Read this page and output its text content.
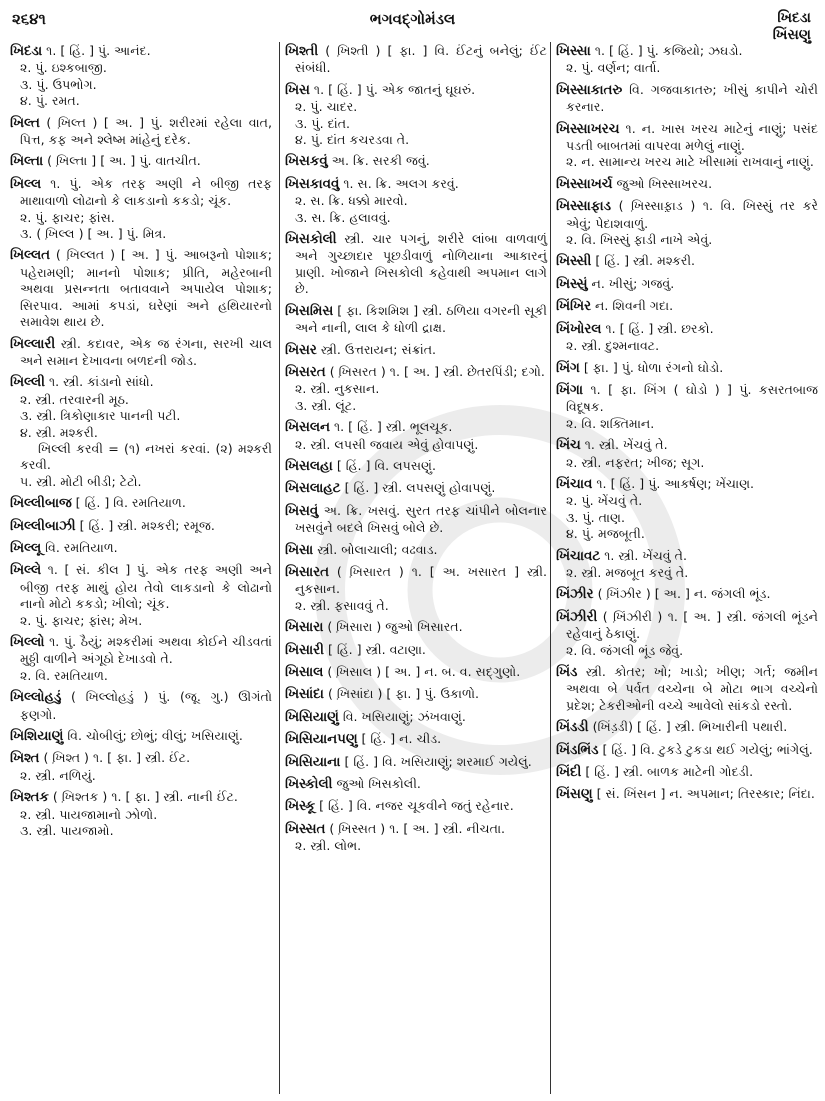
૨૬૪૧	ભગવદ્ગોમંડલ	ખિદડા
ખિંસણુ
ખિદડા ૧. [ હિં. ] પું. આનંદ.
૨. પું. ઇશ્કબાજી.
૩. પું. ઉપભોગ.
૪. પું. રમત.
ખિલ્ત ( ખિ઼લ્ત ) [ અ. ] પું. શરીરમાં રહેલા વાત, પિત્ત, કફ અને શ્લેષ્મ માંહેનું દરેક.
ખિલ્તા ( ખિ઼લ્તા ] [ અ. ] પું. વાતચીત.
ખિલ્લ ૧. પું. એક તરફ અણી ને બીજી તરફ માથાવાળો લોઢાનો કે લાકડાનો કકડો; ચૂંક.
૨. પું. ફાચર; ફાંસ.
૩. ( ખિ઼લ્લ ) [ અ. ] પું. મિત્ર.
ખિલ્લત ( ખિ઼લ્લત ) [ અ. ] પું. આબરૂનો પોશાક; પહેરામણી; માનનો પોશાક; પ્રીતિ, મહેરબાની અથવા પ્રસન્નતા બતાવવાને અપાયેલ પોશાક; સિરપાવ. આમાં કપડાં, ઘરેણાં અને હથિયારનો સમાવેશ થાય છે.
ખિલ્લારી સ્ત્રી. કદાવર, એક જ રંગના, સરખી ચાલ અને સમાન દેખાવના બળદની જોડ.
ખિલ્લી ૧. સ્ત્રી. કાંડાનો સાંધો.
૨. સ્ત્રી. તરવારની મૂઠ.
૩. સ્ત્રી. ત્રિકોણાકાર પાનની પટી.
૪. સ્ત્રી. મશ્કરી.
ખિલ્લી કરવી = (૧) નખરાં કરવાં. (૨) મશ્કરી કરવી.
૫. સ્ત્રી. મોટી બીડી; ટેટો.
ખિલ્લીબાજ [ હિં. ] વિ. રમતિયાળ.
ખિલ્લીબાઝી [ હિં. ] સ્ત્રી. મશ્કરી; રમૂજ.
ખિલ્લૂ વિ. રમતિયાળ.
ખિલ્લે ૧. [ સં. કીલ ] પું. એક તરફ અણી અને બીજી તરફ માથું હોય તેવો લાકડાનો કે લોઢાનો નાનો મોટો કકડો; ખીલો; ચૂંક.
૨. પું. ફાચર; ફાંસ; મેખ.
ખિલ્લો ૧. પું. ઠૈયું; મશ્કરીમાં અથવા કોઈને ચીડવતાં મુઠ્ઠી વાળીને અંગૂઠો દેખાડવો તે.
૨. વિ. રમતિયાળ.
ખિલ્લોહડું ( ખિલ્લોહડું ) પું. (જૂ. ગુ.) ઊગંતો ફણગો.
ખિશિયાણું વિ. ચોબીલું; છોભું; વીલું; ખસિયાણું.
ખિશ્ત ( ખિ઼શ્ત ) ૧. [ ફા. ] સ્ત્રી. ઈંટ.
૨. સ્ત્રી. નળિયું.
ખિશ્તક ( ખિ઼શ્તક ) ૧. [ ફા. ] સ્ત્રી. નાની ઈંટ.
૨. સ્ત્રી. પાયજામાનો ઝોળો.
૩. સ્ત્રી. પાયજામો.
ખિશ્તી ( ખિ઼શ્તી ) [ ફા. ] વિ. ઈંટનું બનેલું; ઈંટ સંબંધી.
ખિસ ૧. [ હિં. ] પું. એક જાતનું ઘૂઘરું.
૨. પું. ચાદર.
૩. પું. દાંત.
૪. પું. દાંત કચરડવા તે.
ખિસકવું અ. ક્રિ. સરકી જવું.
ખિસકાવવું ૧. સ. ક્રિ. અલગ કરવું.
૨. સ. ક્રિ. ધક્કો મારવો.
૩. સ. ક્રિ. હલાવવું.
ખિસકોલી સ્ત્રી. ચાર પગનું, શરીરે લાંબા વાળવાળું અને ગુચ્છાદાર પૂછડીવાળું નોળિયાના આકારનું પ્રાણી. ખોજાને ખિસકોલી કહેવાથી અપમાન લાગે છે.
ખિસમિસ [ ફા. કિશમિશ ] સ્ત્રી. ઠળિયા વગરની સૂકી અને નાની, લાલ કે ધોળી દ્રાક્ષ.
ખિસર સ્ત્રી. ઉત્તરાયન; સંક્રાંત.
ખિસરત ( ખિ઼સરત ) ૧. [ અ. ] સ્ત્રી. છેતરપિંડી; દગો.
૨. સ્ત્રી. નુકસાન.
૩. સ્ત્રી. લૂંટ.
ખિસલન ૧. [ હિં. ] સ્ત્રી. ભૂલચૂક.
૨. સ્ત્રી. લપસી જવાય એવું હોવાપણું.
ખિસલહા [ હિં. ] વિ. લપસણું.
ખિસલાહટ [ હિં. ] સ્ત્રી. લપસણું હોવાપણું.
ખિસવું અ. ક્રિ. ખસવું. સુરત તરફ ચાંપીને બોલનાર ખસવુંને બદલે ખિસવું બોલે છે.
ખિસા સ્ત્રી. બોલાચાલી; વઢવાડ.
ખિસારત ( ખિ઼સારત ) ૧. [ અ. ખસારત ] સ્ત્રી. નુકસાન.
૨. સ્ત્રી. ફસાવવું તે.
ખિસારા ( ખિ઼સારા ) જુઓ ખિસારત.
ખિસારી [ હિં. ] સ્ત્રી. વટાણા.
ખિસાલ ( ખિ઼સાલ ) [ અ. ] ન. બ. વ. સદ્‌ગુણો.
ખિસાંદા ( ખિ઼સાંદા ) [ ફા. ] પું. ઉકાળો.
ખિસિયાણું વિ. ખસિયાણું; ઝંખવાણું.
ખિસિયાનપણુ [ હિં. ] ન. ચીડ.
ખિસિયાના [ હિં. ] વિ. ખસિયાણું; શરમાઈ ગયેલું.
ખિસ્કોલી જુઓ ખિસકોલી.
ખિસ્કૂ [ હિં. ] વિ. નજર ચૂકવીને જતું રહેનાર.
ખિસ્સત ( ખિ઼સ્સત ) ૧. [ અ. ] સ્ત્રી. નીચતા.
૨. સ્ત્રી. લોભ.
ખિસ્સા ૧. [ હિં. ] પું. કજિયો; ઝઘડો.
૨. પું. વર્ણન; વાર્તા.
ખિસ્સાકાતરુ વિ. ગજવાકાતરુ; ખીસું કાપીને ચોરી કરનાર.
ખિસ્સાખરચ ૧. ન. ખાસ ખરચ માટેનું નાણું; પસંદ પડતી બાબતમાં વાપરવા મળેલું નાણું.
૨. ન. સામાન્ય ખરચ માટે ખીસામાં રાખવાનું નાણું.
ખિસ્સાખર્ચ જુઓ ખિસ્સાખરચ.
ખિસ્સાફાડ ( ખિ઼સ્સાફા઼ડ ) ૧. વિ. ખિસ્સું તર કરે એવું; પેદાશવાળું.
૨. વિ. ખિસ્સું ફાડી નાખે એવું.
ખિસ્સી [ હિં. ] સ્ત્રી. મશ્કરી.
ખિસ્સું ન. ખીસું; ગજવું.
ખિંખિર ન. શિવની ગદા.
ખિંખોરલ ૧. [ હિં. ] સ્ત્રી. છરકો.
૨. સ્ત્રી. દુશ્મનાવટ.
ખિંગ [ ફા. ] પું. ધોળા રંગનો ઘોડો.
ખિંગા ૧. [ ફા. ખિંગ ( ઘોડો ) ] પું. કસરતબાજ વિદૂષક.
૨. વિ. શક્તિમાન.
ખિંચ ૧. સ્ત્રી. ખેંચવું તે.
૨. સ્ત્રી. નફરત; ખીજ; સૂગ.
ખિંચાવ ૧. [ હિં. ] પું. આકર્ષણ; ખેંચાણ.
૨. પું. ખેંચવું તે.
૩. પું. તાણ.
૪. પું. મજબૂતી.
ખિંચાવટ ૧. સ્ત્રી. ખેંચવું તે.
૨. સ્ત્રી. મજબૂત કરવું તે.
ખિંઝીર ( ખિ઼ંઝીર ) [ અ. ] ન. જંગલી ભૂંડ.
ખિંઝીરી ( ખિ઼ંઝીરી ) ૧. [ અ. ] સ્ત્રી. જંગલી ભૂંડને રહેવાનું ઠેકાણું.
૨. વિ. જંગલી ભૂંડ જેવું.
ખિંડ સ્ત્રી. કોતર; ખો; ખાડો; ખીણ; ગર્ત; જમીન અથવા બે પર્વત વચ્ચેના બે મોટા ભાગ વચ્ચેનો પ્રદેશ; ટેકરીઓની વચ્ચે આવેલો સાંકડો રસ્તો.
ખિંડડી (ખિંડ઼ડી) [ હિં. ] સ્ત્રી. ભિખારીની પથારી.
ખિંડભિંડ [ હિં. ] વિ. ટુકડે ટુકડા થઈ ગયેલું; ભાંગેલું.
ખિંદી [ હિં. ] સ્ત્રી. બાળક માટેની ગોદડી.
ખિંસણુ [ સં. ખિંસન ] ન. અપમાન; તિરસ્કાર; નિંદા.
